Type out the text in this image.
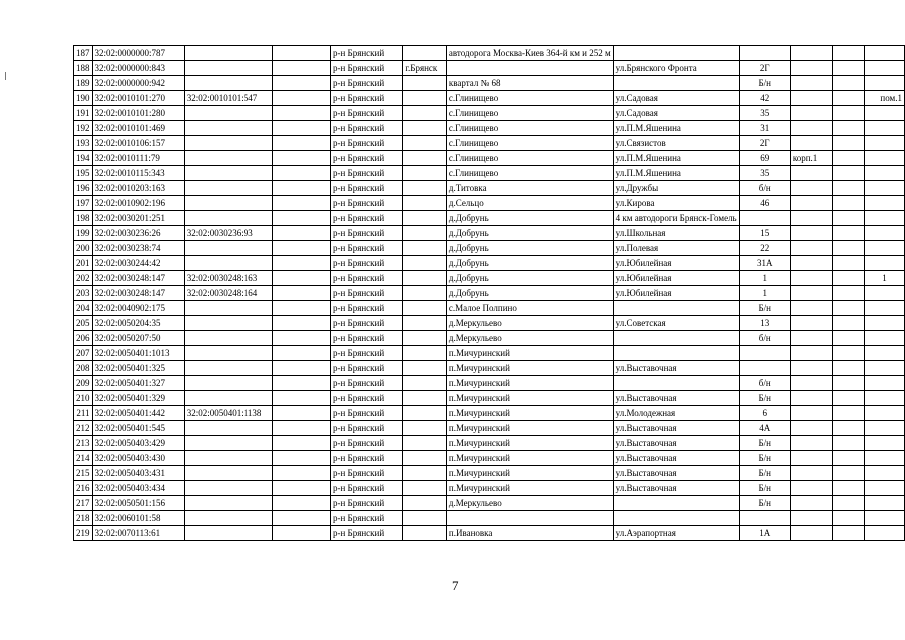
187	32:02:0000000:787			р-н Брянский		автодорога Москва-Киев 364-й км и 252 м					
188	32:02:0000000:843			р-н Брянский	г.Брянск		ул.Брянского Фронта	2Г			
189	32:02:0000000:942			р-н Брянский		квартал № 68		Б/н			
190	32:02:0010101:270	32:02:0010101:547		р-н Брянский		с.Глинищево	ул.Садовая	42			пом.1
191	32:02:0010101:280			р-н Брянский		с.Глинищево	ул.Садовая	35			
192	32:02:0010101:469			р-н Брянский		с.Глинищево	ул.П.М.Яшенина	31			
193	32:02:0010106:157			р-н Брянский		с.Глинищево	ул.Связистов	2Г			
194	32:02:0010111:79			р-н Брянский		с.Глинищево	ул.П.М.Яшенина	69	корп.1		
195	32:02:0010115:343			р-н Брянский		с.Глинищево	ул.П.М.Яшенина	35			
196	32:02:0010203:163			р-н Брянский		д.Титовка	ул.Дружбы	б/н			
197	32:02:0010902:196			р-н Брянский		д.Сельцо	ул.Кирова	46			
198	32:02:0030201:251			р-н Брянский		д.Добрунь	4 км автодороги Брянск-Гомель				
199	32:02:0030236:26	32:02:0030236:93		р-н Брянский		д.Добрунь	ул.Школьная	15			
200	32:02:0030238:74			р-н Брянский		д.Добрунь	ул.Полевая	22			
201	32:02:0030244:42			р-н Брянский		д.Добрунь	ул.Юбилейная	31А			
202	32:02:0030248:147	32:02:0030248:163		р-н Брянский		д.Добрунь	ул.Юбилейная	1			1
203	32:02:0030248:147	32:02:0030248:164		р-н Брянский		д.Добрунь	ул.Юбилейная	1			
204	32:02:0040902:175			р-н Брянский		с.Малое Полпино		Б/н			
205	32:02:0050204:35			р-н Брянский		д.Меркульево	ул.Советская	13			
206	32:02:0050207:50			р-н Брянский		д.Меркульево		б/н			
207	32:02:0050401:1013			р-н Брянский		п.Мичуринский					
208	32:02:0050401:325			р-н Брянский		п.Мичуринский	ул.Выставочная				
209	32:02:0050401:327			р-н Брянский		п.Мичуринский		б/н			
210	32:02:0050401:329			р-н Брянский		п.Мичуринский	ул.Выставочная	Б/н			
211	32:02:0050401:442	32:02:0050401:1138		р-н Брянский		п.Мичуринский	ул.Молодежная	6			
212	32:02:0050401:545			р-н Брянский		п.Мичуринский	ул.Выставочная	4А			
213	32:02:0050403:429			р-н Брянский		п.Мичуринский	ул.Выставочная	Б/н			
214	32:02:0050403:430			р-н Брянский		п.Мичуринский	ул.Выставочная	Б/н			
215	32:02:0050403:431			р-н Брянский		п.Мичуринский	ул.Выставочная	Б/н			
216	32:02:0050403:434			р-н Брянский		п.Мичуринский	ул.Выставочная	Б/н			
217	32:02:0050501:156			р-н Брянский		д.Меркульево		Б/н			
218	32:02:0060101:58			р-н Брянский							
219	32:02:0070113:61			р-н Брянский		п.Ивановка	ул.Аэрапортная	1А			
7
